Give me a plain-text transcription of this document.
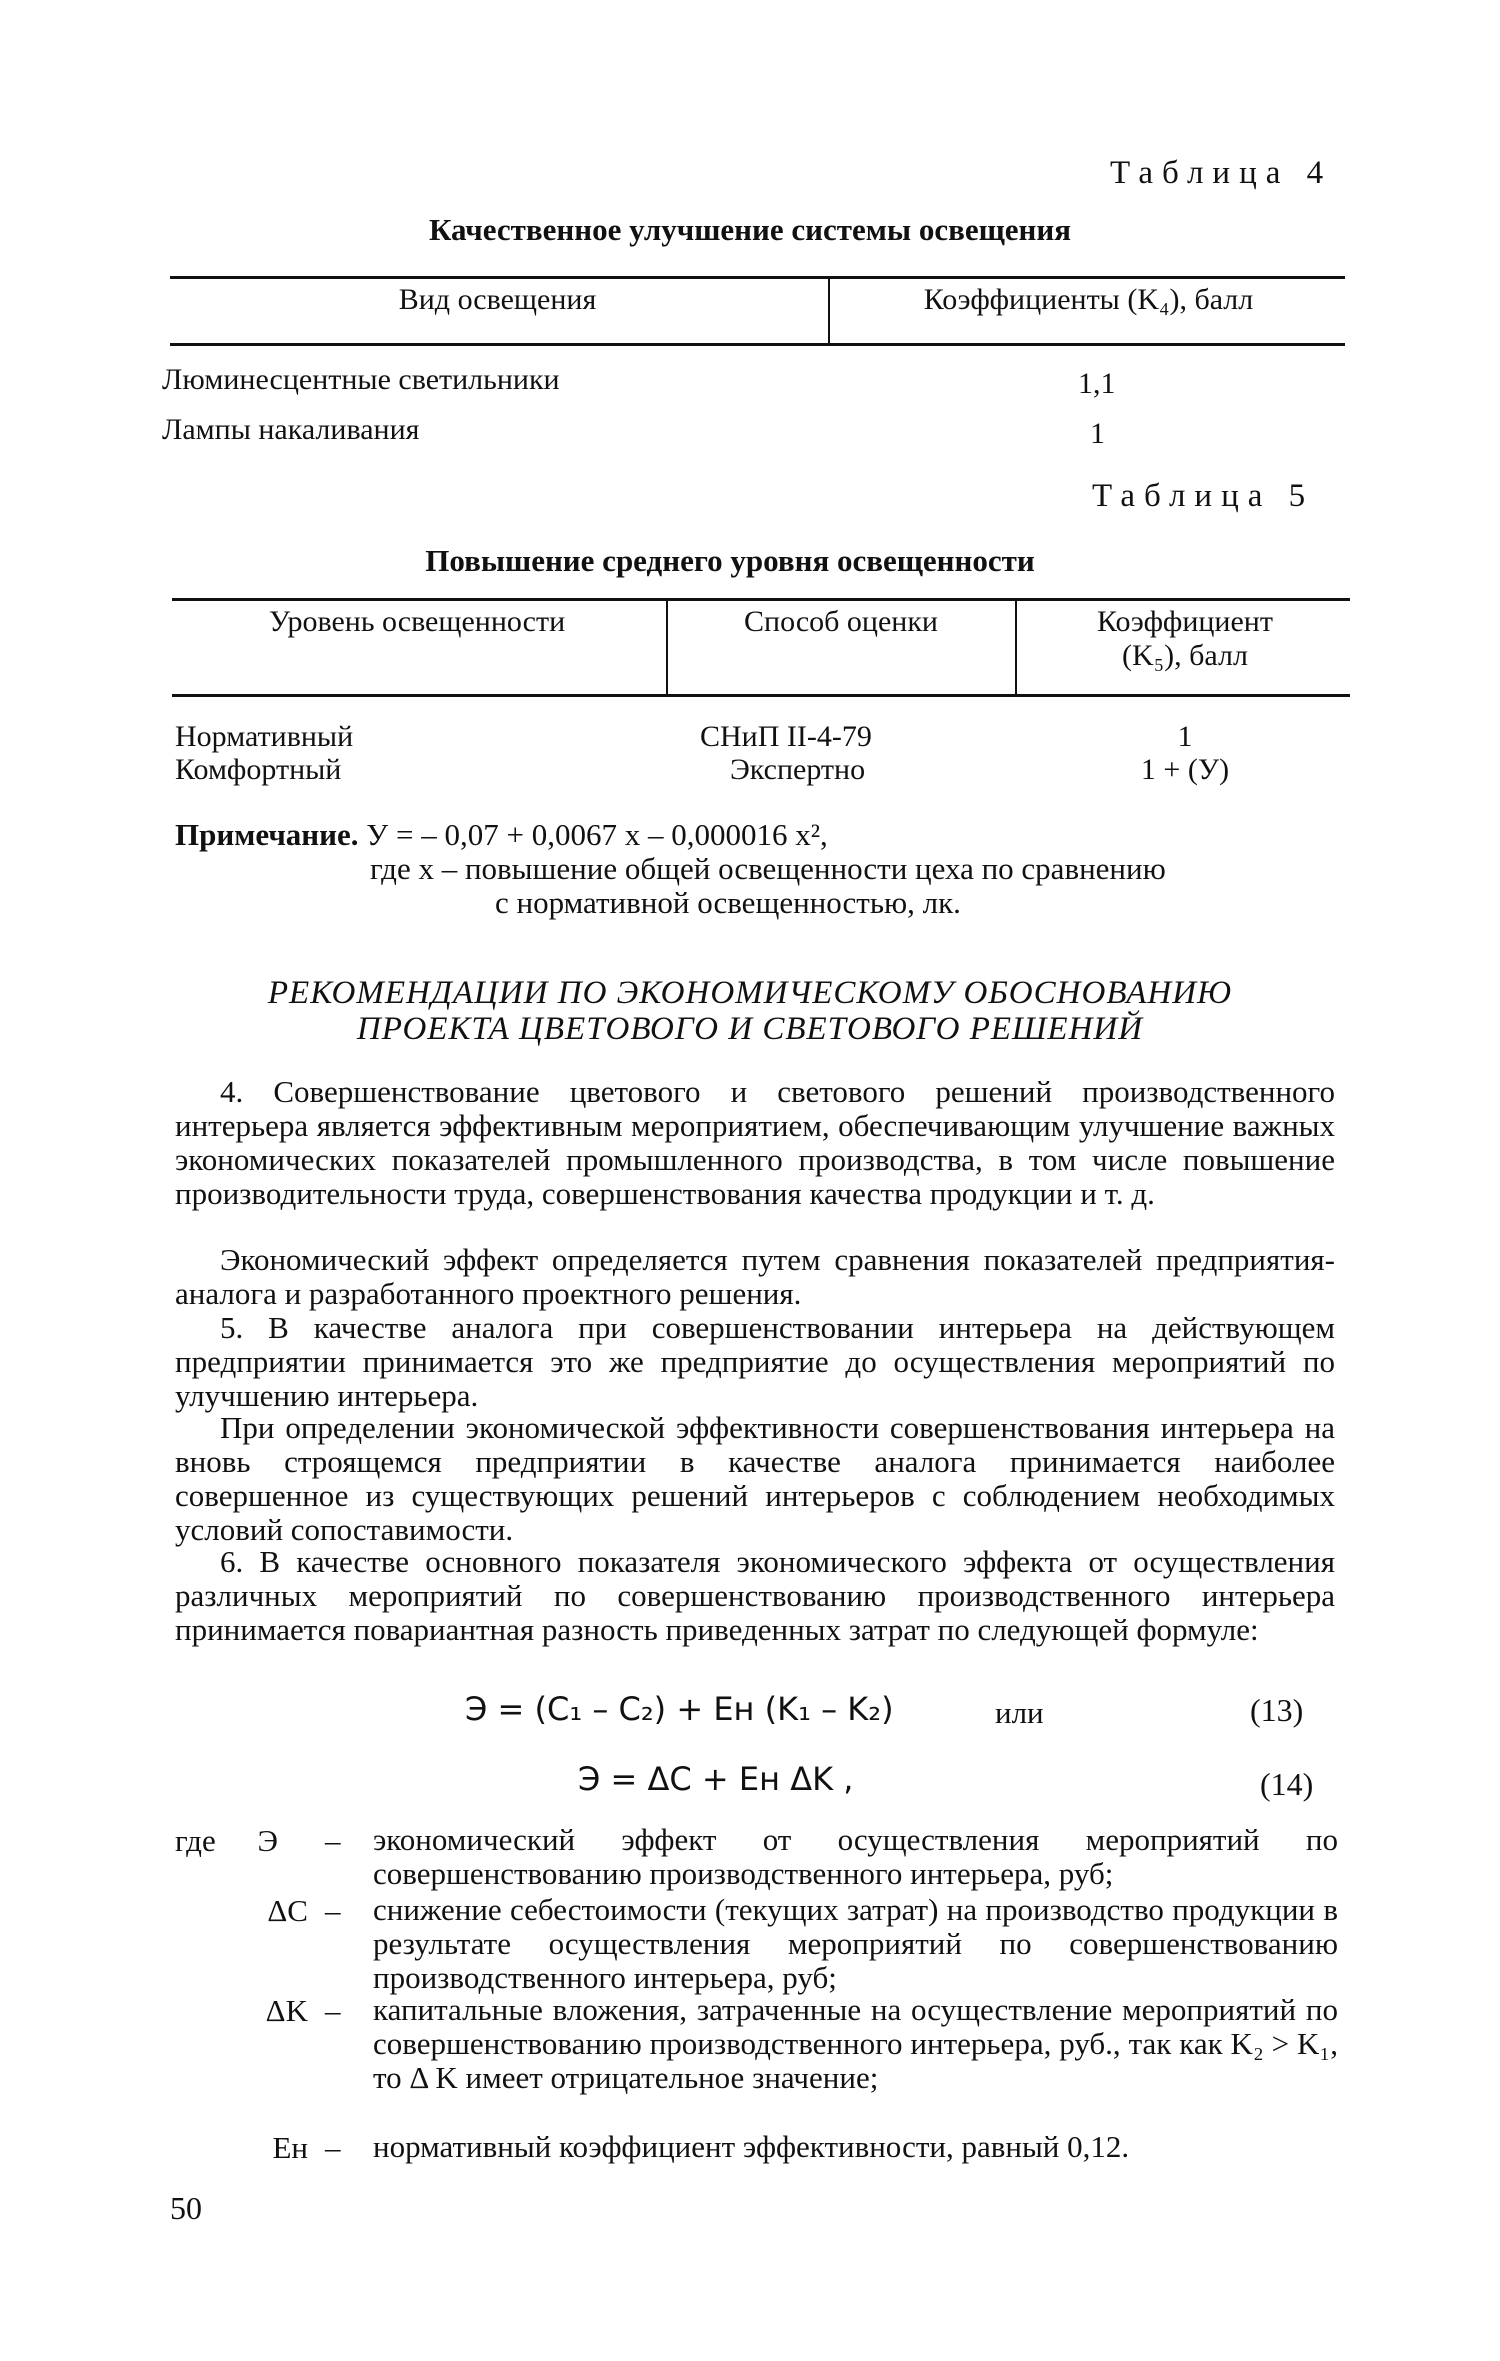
Таблица 4
Качественное улучшение системы освещения
Вид освещения	Коэффициенты (K₄), балл
Люминесцентные светильники	1,1
Лампы накаливания	1
Таблица 5
Повышение среднего уровня освещенности
Уровень освещенности	Способ оценки	Коэффициент
(K₅), балл
Нормативный	СНиП II-4-79	1
Комфортный	Экспертно	1 + (У)
Примечание. У = – 0,07 + 0,0067 x – 0,000016 x²,
где x – повышение общей освещенности цеха по сравнению
с нормативной освещенностью, лк.
РЕКОМЕНДАЦИИ ПО ЭКОНОМИЧЕСКОМУ ОБОСНОВАНИЮ
ПРОЕКТА ЦВЕТОВОГО И СВЕТОВОГО РЕШЕНИЙ

4. Совершенствование цветового и светового решений производственного интерьера является эффективным мероприятием, обеспечивающим улучшение важных экономических показателей промышленного производства, в том числе повышение производительности труда, совершенствования качества продукции и т. д.

Экономический эффект определяется путем сравнения показателей предприятия-аналога и разработанного проектного решения.

5. В качестве аналога при совершенствовании интерьера на действующем предприятии принимается это же предприятие до осуществления мероприятий по улучшению интерьера.

При определении экономической эффективности совершенствования интерьера на вновь строящемся предприятии в качестве аналога принимается наиболее совершенное из существующих решений интерьеров с соблюдением необходимых условий сопоставимости.

6. В качестве основного показателя экономического эффекта от осуществления различных мероприятий по совершенствованию производственного интерьера принимается повариантная разность приведенных затрат по следующей формуле:

Э = (C₁ – C₂) + Eн (K₁ – K₂)	или	(13)
Э = ΔC + Eн ΔK ,	(14)
где	Э – экономический эффект от осуществления мероприятий по совершенствованию производственного интерьера, руб;

ΔC – снижение себестоимости (текущих затрат) на производство продукции в результате осуществления мероприятий по совершенствованию производственного интерьера, руб;

ΔK – капитальные вложения, затраченные на осуществление мероприятий по совершенствованию производственного интерьера, руб., так как K₂ > K₁, то Δ K имеет отрицательное значение;

Eн – нормативный коэффициент эффективности, равный 0,12.

50
